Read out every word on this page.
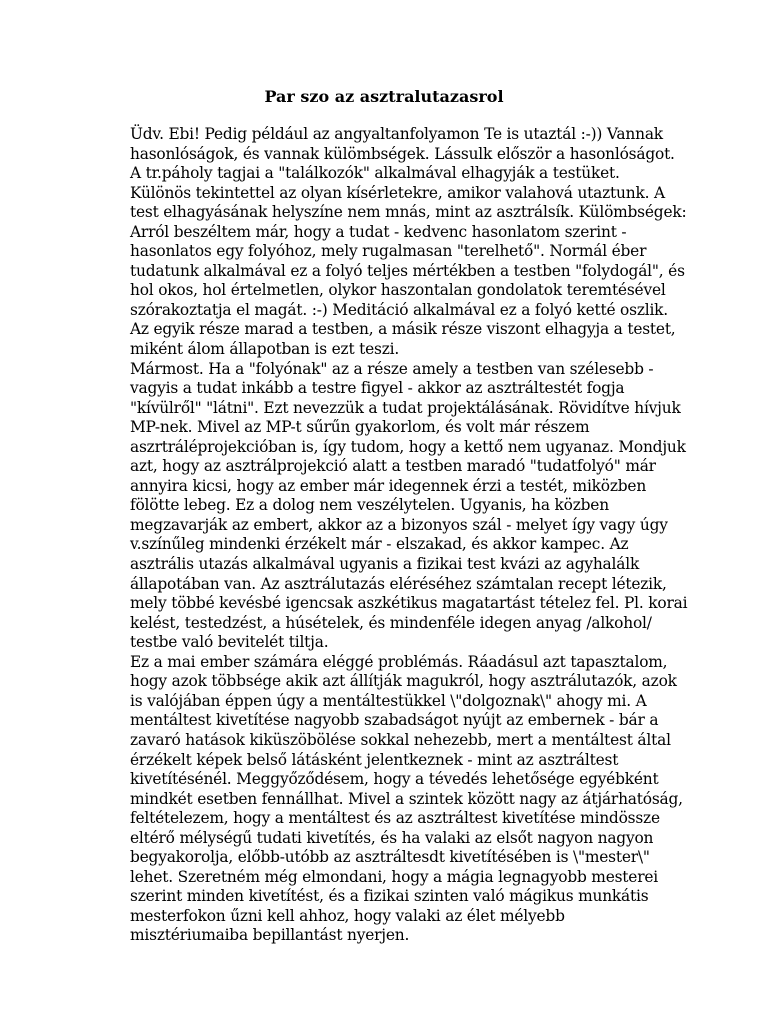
Par szo az asztralutazasrol

Üdv. Ebi! Pedig például az angyaltanfolyamon Te is utaztál :-)) Vannak
hasonlóságok, és vannak külömbségek. Lássulk először a hasonlóságot.
A tr.páholy tagjai a "találkozók" alkalmával elhagyják a testüket.
Különös tekintettel az olyan kísérletekre, amikor valahová utaztunk. A
test elhagyásának helyszíne nem mnás, mint az asztrálsík. Külömbségek:
Arról beszéltem már, hogy a tudat - kedvenc hasonlatom szerint -
hasonlatos egy folyóhoz, mely rugalmasan "terelhető". Normál éber
tudatunk alkalmával ez a folyó teljes mértékben a testben "folydogál", és
hol okos, hol értelmetlen, olykor haszontalan gondolatok teremtésével
szórakoztatja el magát. :-) Meditáció alkalmával ez a folyó ketté oszlik.
Az egyik része marad a testben, a másik része viszont elhagyja a testet,
miként álom állapotban is ezt teszi.

Mármost. Ha a "folyónak" az a része amely a testben van szélesebb -
vagyis a tudat inkább a testre figyel - akkor az asztráltestét fogja
"kívülről" "látni". Ezt nevezzük a tudat projektálásának. Rövidítve hívjuk
MP-nek. Mivel az MP-t sűrűn gyakorlom, és volt már részem
aszrtráléprojekcióban is, így tudom, hogy a kettő nem ugyanaz. Mondjuk
azt, hogy az asztrálprojekció alatt a testben maradó "tudatfolyó" már
annyira kicsi, hogy az ember már idegennek érzi a testét, miközben
fölötte lebeg. Ez a dolog nem veszélytelen. Ugyanis, ha közben
megzavarják az embert, akkor az a bizonyos szál - melyet így vagy úgy
v.színűleg mindenki érzékelt már - elszakad, és akkor kampec. Az
asztrális utazás alkalmával ugyanis a fizikai test kvázi az agyhalálk
állapotában van. Az asztrálutazás eléréséhez számtalan recept létezik,
mely többé kevésbé igencsak aszkétikus magatartást tételez fel. Pl. korai
kelést, testedzést, a húsételek, és mindenféle idegen anyag /alkohol/
testbe való bevitelét tiltja.

Ez a mai ember számára eléggé problémás. Ráadásul azt tapasztalom,
hogy azok többsége akik azt állítják magukról, hogy asztrálutazók, azok
is valójában éppen úgy a mentáltestükkel \"dolgoznak\" ahogy mi. A
mentáltest kivetítése nagyobb szabadságot nyújt az embernek - bár a
zavaró hatások kiküszöbölése sokkal nehezebb, mert a mentáltest által
érzékelt képek belső látásként jelentkeznek - mint az asztráltest
kivetítésénél. Meggyőződésem, hogy a tévedés lehetősége egyébként
mindkét esetben fennállhat. Mivel a szintek között nagy az átjárhatóság,
feltételezem, hogy a mentáltest és az asztráltest kivetítése mindössze
eltérő mélységű tudati kivetítés, és ha valaki az elsőt nagyon nagyon
begyakorolja, előbb-utóbb az asztráltesdt kivetítésében is \"mester\"
lehet. Szeretném még elmondani, hogy a mágia legnagyobb mesterei
szerint minden kivetítést, és a fizikai szinten való mágikus munkátis
mesterfokon űzni kell ahhoz, hogy valaki az élet mélyebb
misztériumaiba bepillantást nyerjen.
